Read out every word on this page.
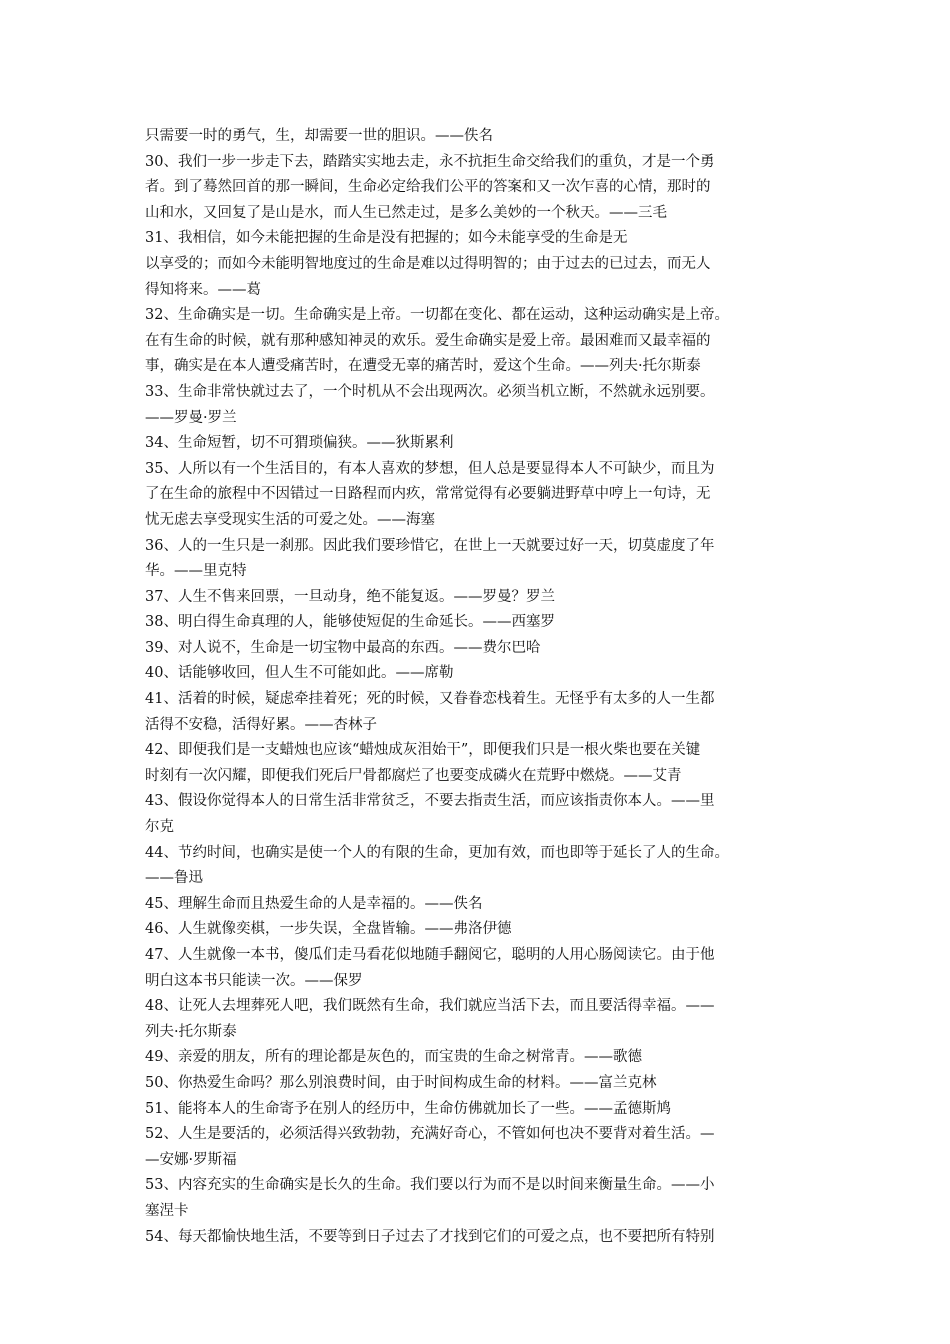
只需要一时的勇气，生，却需要一世的胆识。——佚名
30、我们一步一步走下去，踏踏实实地去走，永不抗拒生命交给我们的重负，才是一个勇
者。到了蓦然回首的那一瞬间，生命必定给我们公平的答案和又一次乍喜的心情，那时的
山和水，又回复了是山是水，而人生已然走过，是多么美妙的一个秋天。——三毛
31、我相信，如今未能把握的生命是没有把握的；如今未能享受的生命是无
以享受的；而如今未能明智地度过的生命是难以过得明智的；由于过去的已过去，而无人
得知将来。——葛
32、生命确实是一切。生命确实是上帝。一切都在变化、都在运动，这种运动确实是上帝。
在有生命的时候，就有那种感知神灵的欢乐。爱生命确实是爱上帝。最困难而又最幸福的
事，确实是在本人遭受痛苦时，在遭受无辜的痛苦时，爱这个生命。——列夫·托尔斯泰
33、生命非常快就过去了，一个时机从不会出现两次。必须当机立断，不然就永远别要。
——罗曼·罗兰
34、生命短暂，切不可猬琐偏狭。——狄斯累利
35、人所以有一个生活目的，有本人喜欢的梦想，但人总是要显得本人不可缺少，而且为
了在生命的旅程中不因错过一日路程而内疚，常常觉得有必要躺进野草中哼上一句诗，无
忧无虑去享受现实生活的可爱之处。——海塞
36、人的一生只是一刹那。因此我们要珍惜它，在世上一天就要过好一天，切莫虚度了年
华。——里克特
37、人生不售来回票，一旦动身，绝不能复返。——罗曼？罗兰
38、明白得生命真理的人，能够使短促的生命延长。——西塞罗
39、对人说不，生命是一切宝物中最高的东西。——费尔巴哈
40、话能够收回，但人生不可能如此。——席勒
41、活着的时候，疑虑牵挂着死；死的时候，又眷眷恋栈着生。无怪乎有太多的人一生都
活得不安稳，活得好累。——杏林子
42、即便我们是一支蜡烛也应该“蜡烛成灰泪始干”，即便我们只是一根火柴也要在关键
时刻有一次闪耀，即便我们死后尸骨都腐烂了也要变成磷火在荒野中燃烧。——艾青
43、假设你觉得本人的日常生活非常贫乏，不要去指责生活，而应该指责你本人。——里
尔克
44、节约时间，也确实是使一个人的有限的生命，更加有效，而也即等于延长了人的生命。
——鲁迅
45、理解生命而且热爱生命的人是幸福的。——佚名
46、人生就像奕棋，一步失误，全盘皆输。——弗洛伊德
47、人生就像一本书，傻瓜们走马看花似地随手翻阅它，聪明的人用心肠阅读它。由于他
明白这本书只能读一次。——保罗
48、让死人去埋葬死人吧，我们既然有生命，我们就应当活下去，而且要活得幸福。——
列夫·托尔斯泰
49、亲爱的朋友，所有的理论都是灰色的，而宝贵的生命之树常青。——歌德
50、你热爱生命吗？那么别浪费时间，由于时间构成生命的材料。——富兰克林
51、能将本人的生命寄予在别人的经历中，生命仿佛就加长了一些。——孟德斯鸠
52、人生是要活的，必须活得兴致勃勃，充满好奇心，不管如何也决不要背对着生活。—
—安娜·罗斯福
53、内容充实的生命确实是长久的生命。我们要以行为而不是以时间来衡量生命。——小
塞涅卡
54、每天都愉快地生活，不要等到日子过去了才找到它们的可爱之点，也不要把所有特别
